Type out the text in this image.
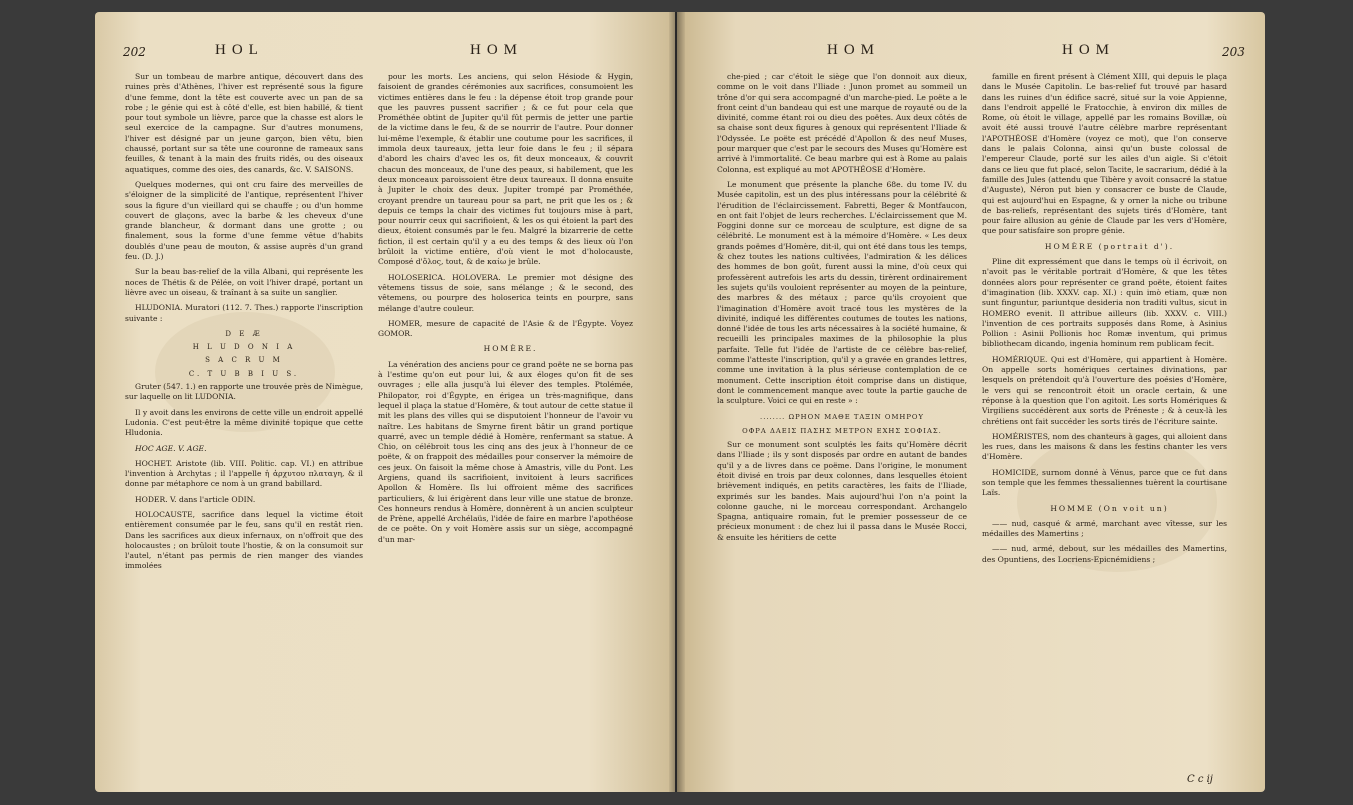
202	HOL	HOM

Sur un tombeau de marbre antique, découvert dans des ruines près d'Athènes, l'hiver est représenté sous la figure d'une femme, dont la tête est couverte avec un pan de sa robe ; le génie qui est à côté d'elle, est bien habillé, & tient pour tout symbole un lièvre, parce que la chasse est alors le seul exercice de la campagne. Sur d'autres monumens, l'hiver est désigné par un jeune garçon, bien vêtu, bien chaussé, portant sur sa tête une couronne de rameaux sans feuilles, & tenant à la main des fruits ridés, ou des oiseaux aquatiques, comme des oies, des canards, &c. V. SAISONS.

Quelques modernes, qui ont cru faire des merveilles de s'éloigner de la simplicité de l'antique, représentent l'hiver sous la figure d'un vieillard qui se chauffe ; ou d'un homme couvert de glaçons, avec la barbe & les cheveux d'une grande blancheur, & dormant dans une grotte ; ou finalement, sous la forme d'une femme vêtue d'habits doublés d'une peau de mouton, & assise auprès d'un grand feu. (D. J.)

Sur la beau bas-relief de la villa Albani, qui représente les noces de Thétis & de Pélée, on voit l'hiver drapé, portant un lièvre avec un oiseau, & traînant à sa suite un sanglier.

HLUDONIA. Muratori (112. 7. Thes.) rapporte l'inscription suivante :

D E Æ
H L U D O N I A
S A C R U M
C. T U B B I U S.

Gruter (547. 1.) en rapporte une trouvée près de Nimègue, sur laquelle on lit LUDONIA.

Il y avoit dans les environs de cette ville un endroit appellé Ludonia. C'est peut-être la même divinité topique que cette Hludonia.

HOC AGE. V. AGE.

HOCHET. Aristote (lib. VIII. Politic. cap. VI.) en attribue l'invention à Archytas ; il l'appelle ἡ ἀρχυτου πλαταγη, & il donne par métaphore ce nom à un grand babillard.

HODER. V. dans l'article ODIN.

HOLOCAUSTE, sacrifice dans lequel la victime étoit entièrement consumée par le feu, sans qu'il en restât rien. Dans les sacrifices aux dieux infernaux, on n'offroit que des holocaustes ; on brûloit toute l'hostie, & on la consumoit sur l'autel, n'étant pas permis de rien manger des viandes immolées

pour les morts. Les anciens, qui selon Hésiode & Hygin, faisoient de grandes cérémonies aux sacrifices, consumoient les victimes entières dans le feu : la dépense étoit trop grande pour que les pauvres pussent sacrifier ; & ce fut pour cela que Prométhée obtint de Jupiter qu'il fût permis de jetter une partie de la victime dans le feu, & de se nourrir de l'autre. Pour donner lui-même l'exemple, & établir une coutume pour les sacrifices, il immola deux taureaux, jetta leur foie dans le feu ; il sépara d'abord les chairs d'avec les os, fit deux monceaux, & couvrit chacun des monceaux, de l'une des peaux, si habilement, que les deux monceaux paroissoient être deux taureaux. Il donna ensuite à Jupiter le choix des deux. Jupiter trompé par Prométhée, croyant prendre un taureau pour sa part, ne prit que les os ; & depuis ce temps la chair des victimes fut toujours mise à part, pour nourrir ceux qui sacrifioient, & les os qui étoient la part des dieux, étoient consumés par le feu. Malgré la bizarrerie de cette fiction, il est certain qu'il y a eu des temps & des lieux où l'on brûloit la victime entière, d'où vient le mot d'holocauste, Composé d'ὅλος, tout, & de καίω je brûle.

HOLOSERICA. HOLOVERA. Le premier mot désigne des vêtemens tissus de soie, sans mélange ; & le second, des vêtemens, ou pourpre des holoserica teints en pourpre, sans mélange d'autre couleur.

HOMER, mesure de capacité de l'Asie & de l'Égypte. Voyez GOMOR.

HOMÈRE.

La vénération des anciens pour ce grand poëte ne se borna pas à l'estime qu'on eut pour lui, & aux éloges qu'on fit de ses ouvrages ; elle alla jusqu'à lui élever des temples. Ptolémée, Philopator, roi d'Égypte, en érigea un très-magnifique, dans lequel il plaça la statue d'Homère, & tout autour de cette statue il mit les plans des villes qui se disputoient l'honneur de l'avoir vu naître. Les habitans de Smyrne firent bâtir un grand portique quarré, avec un temple dédié à Homère, renfermant sa statue. A Chio, on célébroit tous les cinq ans des jeux à l'honneur de ce poëte, & on frappoit des médailles pour conserver la mémoire de ces jeux. On faisoit la même chose à Amastris, ville du Pont. Les Argiens, quand ils sacrifioient, invitoient à leurs sacrifices Apollon & Homère. Ils lui offroient même des sacrifices particuliers, & lui érigèrent dans leur ville une statue de bronze. Ces honneurs rendus à Homère, donnèrent à un ancien sculpteur de Prène, appellé Archélaüs, l'idée de faire en marbre l'apothéose de ce poëte. On y voit Homère assis sur un siège, accompagné d'un mar-

HOM	HOM	203

che-pied ; car c'étoit le siège que l'on donnoit aux dieux, comme on le voit dans l'Iliade : Junon promet au sommeil un trône d'or qui sera accompagné d'un marche-pied. Le poëte a le front ceint d'un bandeau qui est une marque de royauté ou de la divinité, comme étant roi ou dieu des poëtes. Aux deux côtés de sa chaise sont deux figures à genoux qui représentent l'Iliade & l'Odyssée. Le poëte est précédé d'Apollon & des neuf Muses, pour marquer que c'est par le secours des Muses qu'Homère est arrivé à l'immortalité. Ce beau marbre qui est à Rome au palais Colonna, est expliqué au mot APOTHÉOSE d'Homère.

Le monument que présente la planche 68e. du tome IV. du Musée capitolin, est un des plus intéressans pour la célébrité & l'érudition de l'éclaircissement. Fabretti, Beger & Montfaucon, en ont fait l'objet de leurs recherches. L'éclaircissement que M. Foggini donne sur ce morceau de sculpture, est digne de sa célébrité. Le monument est à la mémoire d'Homère. « Les deux grands poëmes d'Homère, dit-il, qui ont été dans tous les temps, & chez toutes les nations cultivées, l'admiration & les délices des hommes de bon goût, furent aussi la mine, d'où ceux qui professèrent autrefois les arts du dessin, tirèrent ordinairement les sujets qu'ils vouloient représenter au moyen de la peinture, des marbres & des métaux ; parce qu'ils croyoient que l'imagination d'Homère avoit tracé tous les mystères de la divinité, indiqué les différentes coutumes de toutes les nations, donné l'idée de tous les arts nécessaires à la société humaine, & recueilli les principales maximes de la philosophie la plus parfaite. Telle fut l'idée de l'artiste de ce célèbre bas-relief, comme l'atteste l'inscription, qu'il y a gravée en grandes lettres, comme une invitation à la plus sérieuse contemplation de ce monument. Cette inscription étoit comprise dans un distique, dont le commencement manque avec toute la partie gauche de la sculpture. Voici ce qui en reste » :

........ ΩΡΗΟΝ ΜΑΘΕ ΤΑΞΙΝ ΟΜΗΡΟΥ
ΟΦΡΑ ΔΑΕΙΣ ΠΑΣΗΣ ΜΕΤΡΟΝ ΕΧΗΣ ΣΟΦΙΑΣ.

Sur ce monument sont sculptés les faits qu'Homère décrit dans l'Iliade ; ils y sont disposés par ordre en autant de bandes qu'il y a de livres dans ce poëme. Dans l'origine, le monument étoit divisé en trois par deux colonnes, dans lesquelles étoient brièvement indiqués, en petits caractères, les faits de l'Iliade, exprimés sur les bandes. Mais aujourd'hui l'on n'a point la colonne gauche, ni le morceau correspondant. Archangelo Spagna, antiquaire romain, fut le premier possesseur de ce précieux monument : de chez lui il passa dans le Musée Rocci, & ensuite les héritiers de cette

famille en firent présent à Clément XIII, qui depuis le plaça dans le Musée Capitolin. Le bas-relief fut trouvé par hasard dans les ruines d'un édifice sacré, situé sur la voie Appienne, dans l'endroit appellé le Fratocchie, à environ dix milles de Rome, où étoit le village, appellé par les romains Bovillæ, où avoit été aussi trouvé l'autre célèbre marbre représentant l'APOTHÉOSE d'Homère (voyez ce mot), que l'on conserve dans le palais Colonna, ainsi qu'un buste colossal de l'empereur Claude, porté sur les ailes d'un aigle. Si c'étoit dans ce lieu que fut placé, selon Tacite, le sacrarium, dédié à la famille des Jules (attendu que Tibère y avoit consacré la statue d'Auguste), Néron put bien y consacrer ce buste de Claude, qui est aujourd'hui en Espagne, & y orner la niche ou tribune de bas-reliefs, représentant des sujets tirés d'Homère, tant pour faire allusion au génie de Claude par les vers d'Homère, que pour satisfaire son propre génie.

HOMÈRE (portrait d').

Pline dit expressément que dans le temps où il écrivoit, on n'avoit pas le véritable portrait d'Homère, & que les têtes données alors pour représenter ce grand poëte, étoient faites d'imagination (lib. XXXV. cap. XI.) : quin imò etiam, quæ non sunt finguntur, pariuntque desideria non traditi vultus, sicut in HOMERO evenit. Il attribue ailleurs (lib. XXXV. c. VIII.) l'invention de ces portraits supposés dans Rome, à Asinius Pollion : Asinii Pollionis hoc Romæ inventum, qui primus bibliothecam dicando, ingenia hominum rem publicam fecit.

HOMÉRIQUE. Qui est d'Homère, qui appartient à Homère. On appelle sorts homériques certaines divinations, par lesquels on prétendoit qu'à l'ouverture des poésies d'Homère, le vers qui se rencontroit étoit un oracle certain, & une réponse à la question que l'on agitoit. Les sorts Homériques & Virgiliens succédèrent aux sorts de Préneste ; & à ceux-là les chrétiens ont fait succéder les sorts tirés de l'écriture sainte.

HOMÉRISTES, nom des chanteurs à gages, qui alloient dans les rues, dans les maisons & dans les festins chanter les vers d'Homère.

HOMICIDE, surnom donné à Vénus, parce que ce fut dans son temple que les femmes thessaliennes tuèrent la courtisane Laïs.

HOMME (On voit un)

—— nud, casqué & armé, marchant avec vîtesse, sur les médailles des Mamertins ;

—— nud, armé, debout, sur les médailles des Mamertins, des Opuntiens, des Locriens-Epicnémidiens ;

C c ij
